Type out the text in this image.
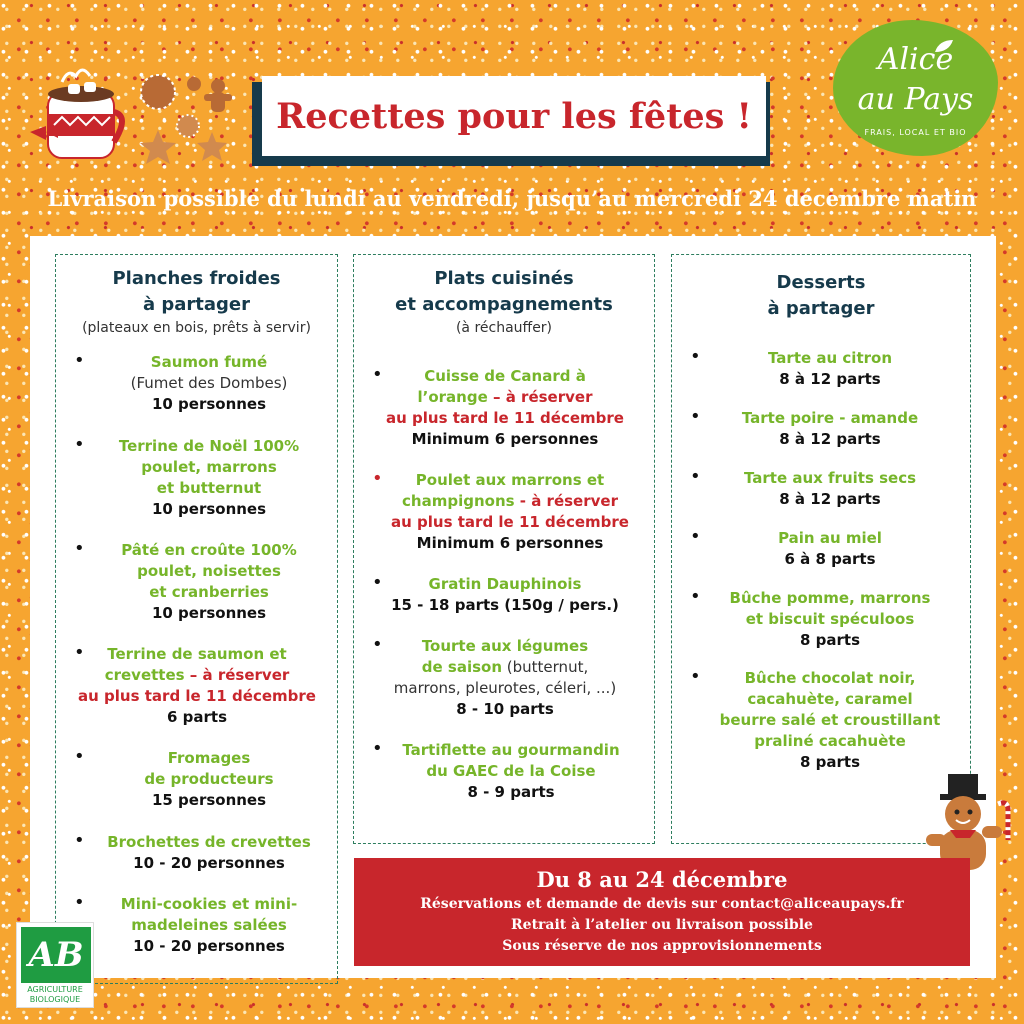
Recettes pour les fêtes !
Livraison possible du lundi au vendredi, jusqu’au mercredi 24 décembre matin
Alice
au Pays
FRAIS, LOCAL ET BIO
Planches froides
à partager
(plateaux en bois, prêts à servir)
•	Saumon fumé
(Fumet des Dombes)
10 personnes
•	Terrine de Noël 100%
poulet, marrons
et butternut
10 personnes
•	Pâté en croûte 100%
poulet, noisettes
et cranberries
10 personnes
•	Terrine de saumon et
crevettes – à réserver
au plus tard le 11 décembre
6 parts
•	Fromages
de producteurs
15 personnes
•	Brochettes de crevettes
10 - 20 personnes
•	Mini-cookies et mini-
madeleines salées
10 - 20 personnes
Plats cuisinés
et accompagnements
(à réchauffer)
•	Cuisse de Canard à
l’orange – à réserver
au plus tard le 11 décembre
Minimum 6 personnes
•	Poulet aux marrons et
champignons - à réserver
au plus tard le 11 décembre
Minimum 6 personnes
•	Gratin Dauphinois
15 - 18 parts (150g / pers.)
•	Tourte aux légumes
de saison (butternut,
marrons, pleurotes, céleri, ...)
8 - 10 parts
•	Tartiflette au gourmandin
du GAEC de la Coise
8 - 9 parts
Desserts
à partager
•	Tarte au citron
8 à 12 parts
•	Tarte poire - amande
8 à 12 parts
•	Tarte aux fruits secs
8 à 12 parts
•	Pain au miel
6 à 8 parts
•	Bûche pomme, marrons
et biscuit spéculoos
8 parts
•	Bûche chocolat noir,
cacahuète, caramel
beurre salé et croustillant
praliné cacahuète
8 parts
Du 8 au 24 décembre
Réservations et demande de devis sur contact@aliceaupays.fr
Retrait à l’atelier ou livraison possible
Sous réserve de nos approvisionnements
AB
AGRICULTURE
BIOLOGIQUE
